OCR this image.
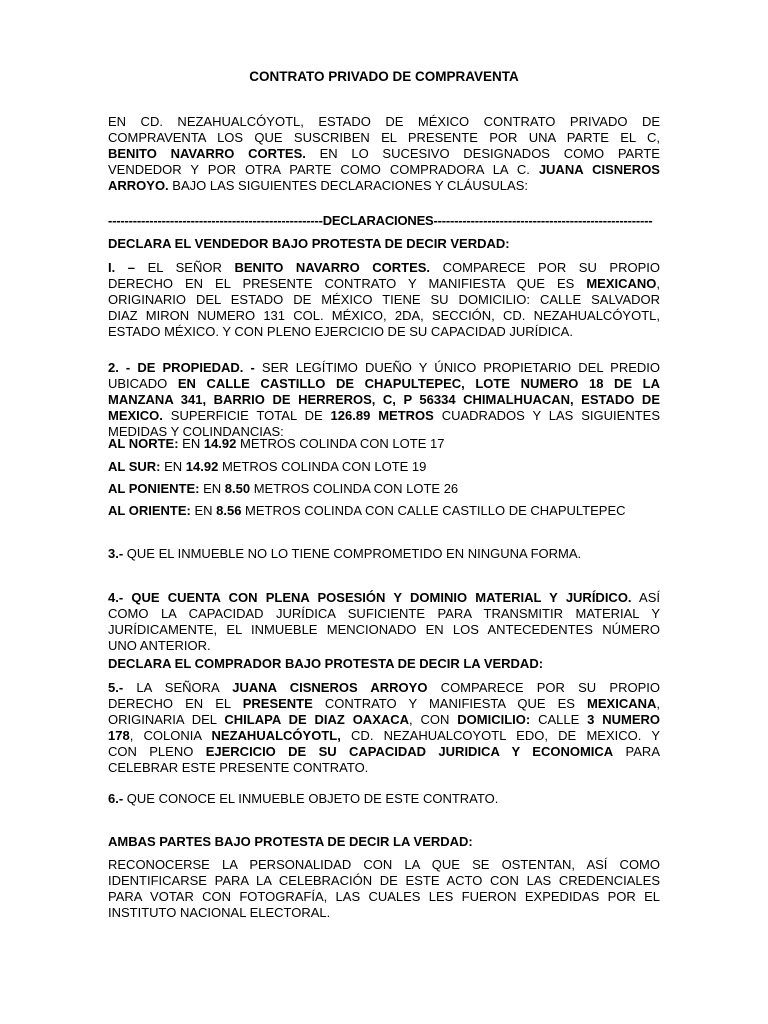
CONTRATO PRIVADO DE COMPRAVENTA
EN CD. NEZAHUALCÓYOTL, ESTADO DE MÉXICO CONTRATO PRIVADO DE
COMPRAVENTA LOS QUE SUSCRIBEN EL PRESENTE POR UNA PARTE EL C,
BENITO NAVARRO CORTES. EN LO SUCESIVO DESIGNADOS COMO PARTE
VENDEDOR Y POR OTRA PARTE COMO COMPRADORA LA C. JUANA CISNEROS
ARROYO. BAJO LAS SIGUIENTES DECLARACIONES Y CLÁUSULAS:
----------------------------------------------------DECLARACIONES-----------------------------------------------------
DECLARA EL VENDEDOR BAJO PROTESTA DE DECIR VERDAD:
I. – EL SEÑOR BENITO NAVARRO CORTES. COMPARECE POR SU PROPIO
DERECHO EN EL PRESENTE CONTRATO Y MANIFIESTA QUE ES MEXICANO,
ORIGINARIO DEL ESTADO DE MÉXICO TIENE SU DOMICILIO: CALLE SALVADOR
DIAZ MIRON NUMERO 131 COL. MÉXICO, 2DA, SECCIÓN, CD. NEZAHUALCÓYOTL,
ESTADO MÉXICO. Y CON PLENO EJERCICIO DE SU CAPACIDAD JURÍDICA.
2. - DE PROPIEDAD. - SER LEGÍTIMO DUEÑO Y ÚNICO PROPIETARIO DEL PREDIO
UBICADO EN CALLE CASTILLO DE CHAPULTEPEC, LOTE NUMERO 18 DE LA
MANZANA 341, BARRIO DE HERREROS, C, P 56334 CHIMALHUACAN, ESTADO DE
MEXICO. SUPERFICIE TOTAL DE 126.89 METROS CUADRADOS Y LAS SIGUIENTES
MEDIDAS Y COLINDANCIAS:
AL NORTE: EN 14.92 METROS COLINDA CON LOTE 17
AL SUR: EN 14.92 METROS COLINDA CON LOTE 19
AL PONIENTE: EN 8.50 METROS COLINDA CON LOTE 26
AL ORIENTE: EN 8.56 METROS COLINDA CON CALLE CASTILLO DE CHAPULTEPEC
3.- QUE EL INMUEBLE NO LO TIENE COMPROMETIDO EN NINGUNA FORMA.
4.- QUE CUENTA CON PLENA POSESIÓN Y DOMINIO MATERIAL Y JURÍDICO. ASÍ
COMO LA CAPACIDAD JURÍDICA SUFICIENTE PARA TRANSMITIR MATERIAL Y
JURÍDICAMENTE, EL INMUEBLE MENCIONADO EN LOS ANTECEDENTES NÚMERO
UNO ANTERIOR.
DECLARA EL COMPRADOR BAJO PROTESTA DE DECIR LA VERDAD:
5.- LA SEÑORA JUANA CISNEROS ARROYO COMPARECE POR SU PROPIO
DERECHO EN EL PRESENTE CONTRATO Y MANIFIESTA QUE ES MEXICANA,
ORIGINARIA DEL CHILAPA DE DIAZ OAXACA, CON DOMICILIO: CALLE 3 NUMERO
178, COLONIA NEZAHUALCÓYOTL, CD. NEZAHUALCOYOTL EDO, DE MEXICO. Y
CON PLENO EJERCICIO DE SU CAPACIDAD JURIDICA Y ECONOMICA PARA
CELEBRAR ESTE PRESENTE CONTRATO.
6.- QUE CONOCE EL INMUEBLE OBJETO DE ESTE CONTRATO.
AMBAS PARTES BAJO PROTESTA DE DECIR LA VERDAD:
RECONOCERSE LA PERSONALIDAD CON LA QUE SE OSTENTAN, ASÍ COMO
IDENTIFICARSE PARA LA CELEBRACIÓN DE ESTE ACTO CON LAS CREDENCIALES
PARA VOTAR CON FOTOGRAFÍA, LAS CUALES LES FUERON EXPEDIDAS POR EL
INSTITUTO NACIONAL ELECTORAL.
